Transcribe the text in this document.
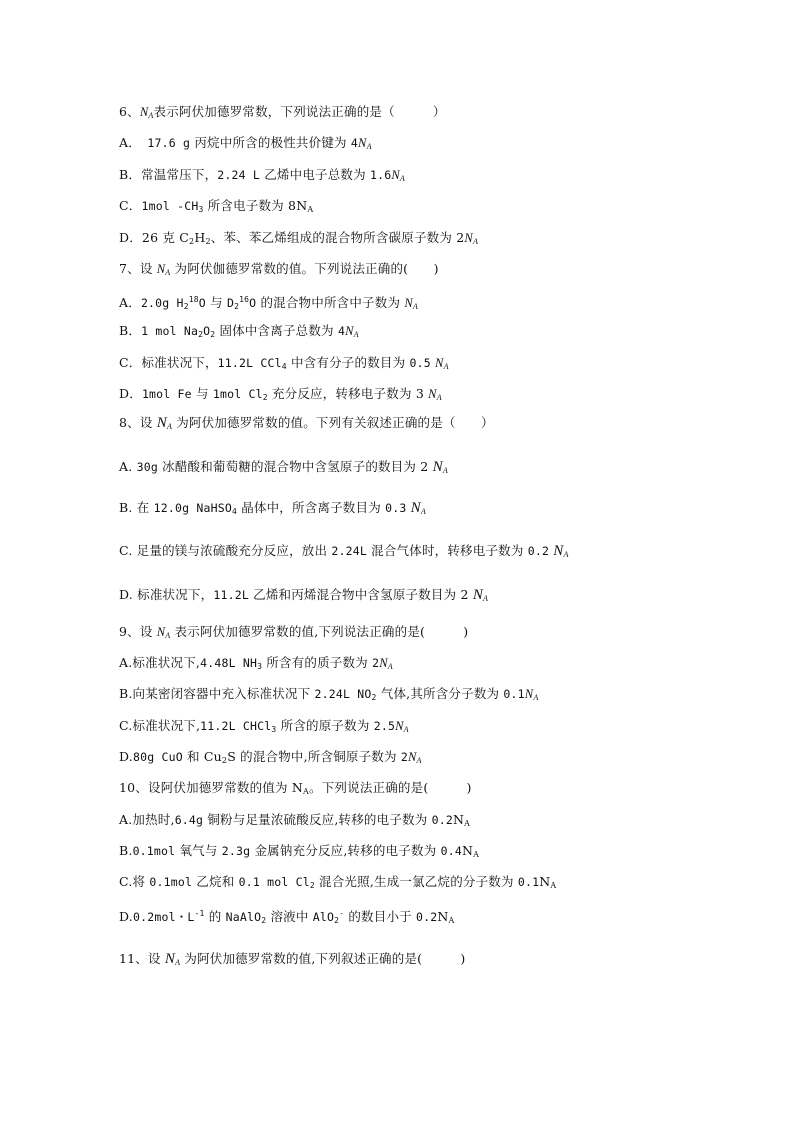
6、$N_A$表示阿伏加德罗常数，下列说法正确的是（　　　）
A．　17.6 g 丙烷中所含的极性共价键为 $4N_A$
B．常温常压下，2.24 L 乙烯中电子总数为 $1.6N_A$
C．1mol $-CH_3$ 所含电子数为 $8N_A$
D．26 克 $C_2H_2$、苯、苯乙烯组成的混合物所含碳原子数为 $2N_A$
7、设 $N_A$ 为阿伏伽德罗常数的值。下列说法正确的(　　)
A．2.0g $H_2^{18}O$ 与 $D_2^{16}O$ 的混合物中所含中子数为 $N_A$
B．1 mol $Na_2O_2$ 固体中含离子总数为 $4N_A$
C．标准状况下，11.2L CCl$_4$ 中含有分子的数目为 0.5 $N_A$
D．1mol Fe 与 1mol $Cl_2$ 充分反应，转移电子数为 3 $N_A$
8、设 $N_A$ 为阿伏加德罗常数的值。下列有关叙述正确的是（　　）
A. 30g 冰醋酸和葡萄糖的混合物中含氢原子的数目为 2 $N_A$
B. 在 12.0g NaHSO$_4$ 晶体中，所含离子数目为 0.3 $N_A$
C. 足量的镁与浓硫酸充分反应，放出 2.24L 混合气体时，转移电子数为 0.2 $N_A$
D. 标准状况下，11.2L 乙烯和丙烯混合物中含氢原子数目为 2 $N_A$
9、设 $N_A$ 表示阿伏加德罗常数的值,下列说法正确的是(　　　)
A.标准状况下,4.48L $NH_3$ 所含有的质子数为 $2N_A$
B.向某密闭容器中充入标准状况下 2.24L $NO_2$ 气体,其所含分子数为 $0.1N_A$
C.标准状况下,11.2L CHCl$_3$ 所含的原子数为 $2.5N_A$
D.80g CuO 和 $Cu_2S$ 的混合物中,所含铜原子数为 $2N_A$
10、设阿伏加德罗常数的值为 $N_A$。下列说法正确的是(　　　)
A.加热时,6.4g 铜粉与足量浓硫酸反应,转移的电子数为 $0.2N_A$
B.0.1mol 氧气与 2.3g 金属钠充分反应,转移的电子数为 $0.4N_A$
C.将 0.1mol 乙烷和 0.1 mol $Cl_2$ 混合光照,生成一氯乙烷的分子数为 $0.1N_A$
D.0.2mol・$L^{-1}$ 的 NaAlO$_2$ 溶液中 AlO$_2$- 的数目小于 $0.2N_A$
11、设 $N_A$ 为阿伏加德罗常数的值,下列叙述正确的是(　　　)
